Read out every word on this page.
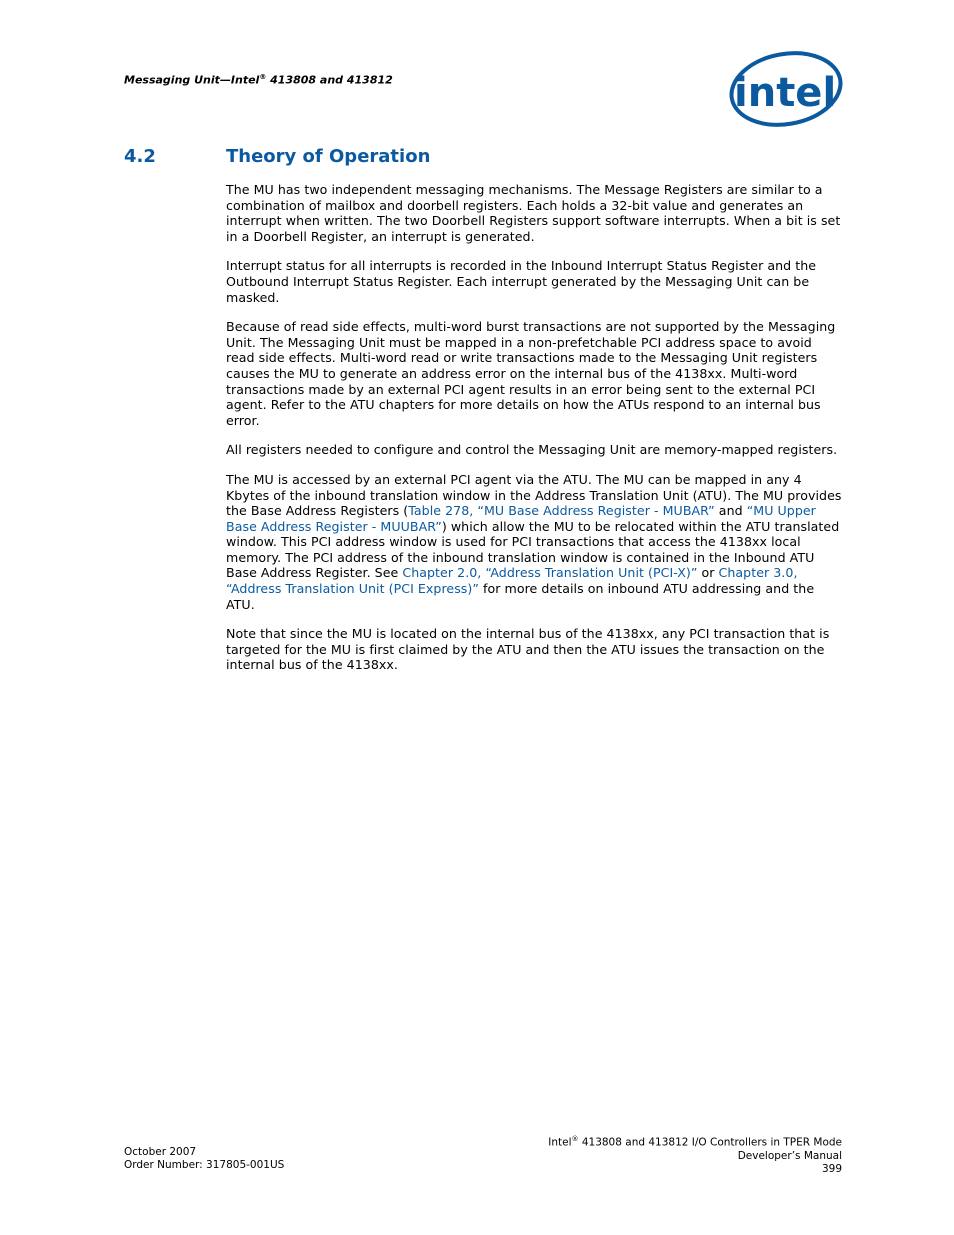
Messaging Unit—Intel® 413808 and 413812	intel
4.2	Theory of Operation

The MU has two independent messaging mechanisms. The Message Registers are similar to a combination of mailbox and doorbell registers. Each holds a 32-bit value and generates an interrupt when written. The two Doorbell Registers support software interrupts. When a bit is set in a Doorbell Register, an interrupt is generated.

Interrupt status for all interrupts is recorded in the Inbound Interrupt Status Register and the Outbound Interrupt Status Register. Each interrupt generated by the Messaging Unit can be masked.

Because of read side effects, multi-word burst transactions are not supported by the Messaging Unit. The Messaging Unit must be mapped in a non-prefetchable PCI address space to avoid read side effects. Multi-word read or write transactions made to the Messaging Unit registers causes the MU to generate an address error on the internal bus of the 4138xx. Multi-word transactions made by an external PCI agent results in an error being sent to the external PCI agent. Refer to the ATU chapters for more details on how the ATUs respond to an internal bus error.

All registers needed to configure and control the Messaging Unit are memory-mapped registers.

The MU is accessed by an external PCI agent via the ATU. The MU can be mapped in any 4 Kbytes of the inbound translation window in the Address Translation Unit (ATU). The MU provides the Base Address Registers (Table 278, “MU Base Address Register - MUBAR” and “MU Upper Base Address Register - MUUBAR”) which allow the MU to be relocated within the ATU translated window. This PCI address window is used for PCI transactions that access the 4138xx local memory. The PCI address of the inbound translation window is contained in the Inbound ATU Base Address Register. See Chapter 2.0, “Address Translation Unit (PCI-X)” or Chapter 3.0, “Address Translation Unit (PCI Express)” for more details on inbound ATU addressing and the ATU.

Note that since the MU is located on the internal bus of the 4138xx, any PCI transaction that is targeted for the MU is first claimed by the ATU and then the ATU issues the transaction on the internal bus of the 4138xx.

October 2007
Order Number: 317805-001US
Intel® 413808 and 413812 I/O Controllers in TPER Mode
Developer’s Manual
399
